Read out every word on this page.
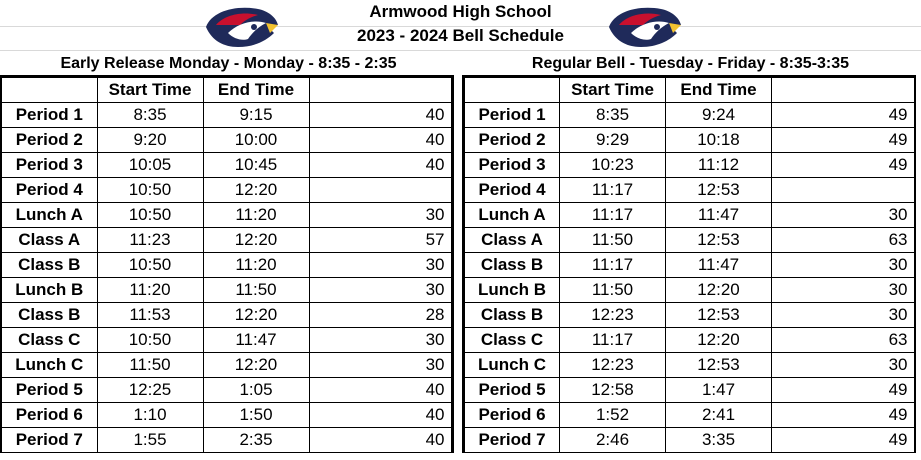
Armwood High School
2023 - 2024 Bell Schedule
Early Release Monday - Monday - 8:35 - 2:35
	Start Time	End Time	
Period 1	8:35	9:15	40
Period 2	9:20	10:00	40
Period 3	10:05	10:45	40
Period 4	10:50	12:20	
Lunch A	10:50	11:20	30
Class A	11:23	12:20	57
Class B	10:50	11:20	30
Lunch B	11:20	11:50	30
Class B	11:53	12:20	28
Class C	10:50	11:47	30
Lunch C	11:50	12:20	30
Period 5	12:25	1:05	40
Period 6	1:10	1:50	40
Period 7	1:55	2:35	40
Regular Bell - Tuesday - Friday - 8:35-3:35
	Start Time	End Time	
Period 1	8:35	9:24	49
Period 2	9:29	10:18	49
Period 3	10:23	11:12	49
Period 4	11:17	12:53	
Lunch A	11:17	11:47	30
Class A	11:50	12:53	63
Class B	11:17	11:47	30
Lunch B	11:50	12:20	30
Class B	12:23	12:53	30
Class C	11:17	12:20	63
Lunch C	12:23	12:53	30
Period 5	12:58	1:47	49
Period 6	1:52	2:41	49
Period 7	2:46	3:35	49
